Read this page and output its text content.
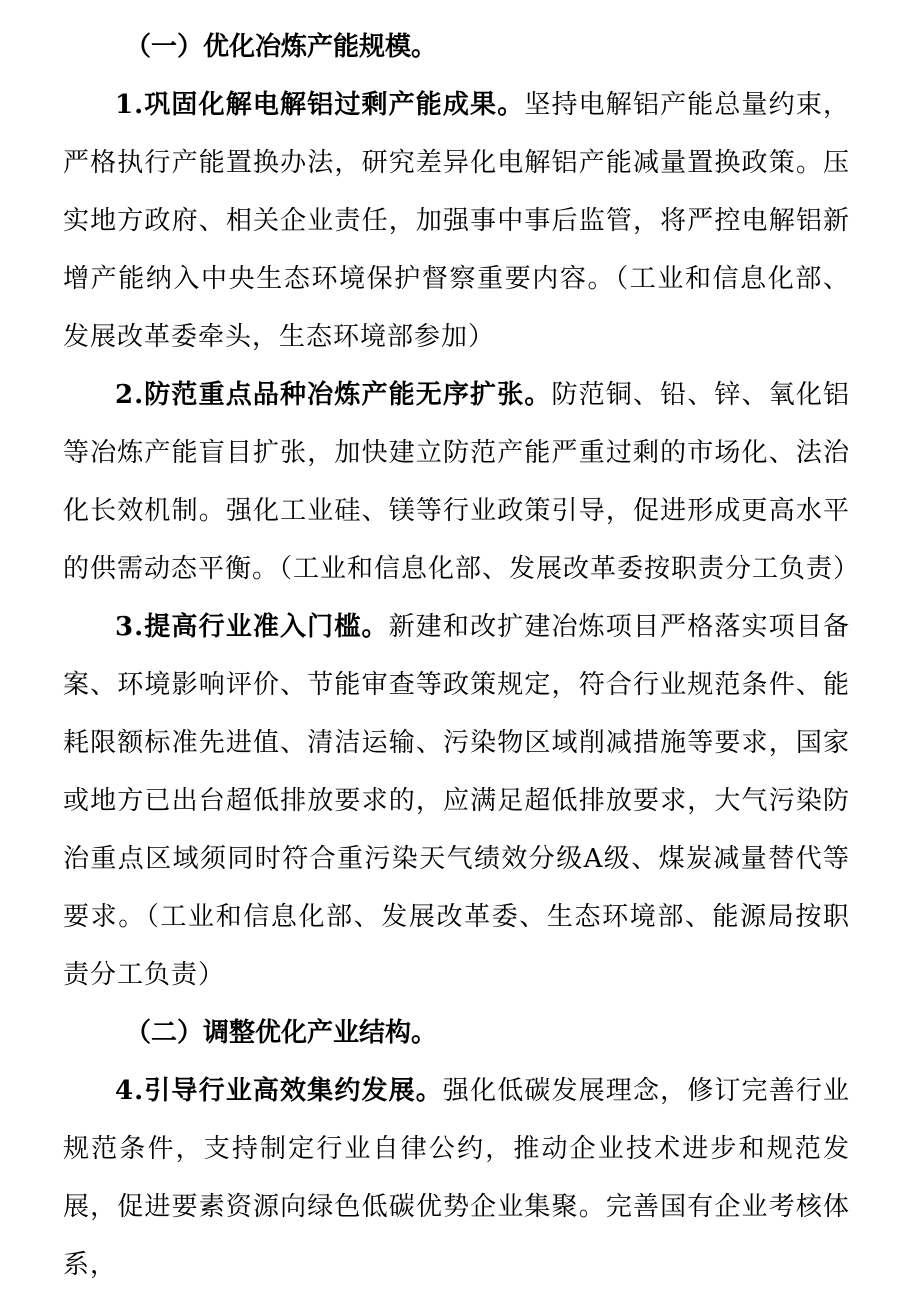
（一）优化冶炼产能规模。

1.巩固化解电解铝过剩产能成果。坚持电解铝产能总量约束，严格执行产能置换办法，研究差异化电解铝产能减量置换政策。压实地方政府、相关企业责任，加强事中事后监管，将严控电解铝新增产能纳入中央生态环境保护督察重要内容。（工业和信息化部、发展改革委牵头，生态环境部参加）

2.防范重点品种冶炼产能无序扩张。防范铜、铅、锌、氧化铝等冶炼产能盲目扩张，加快建立防范产能严重过剩的市场化、法治化长效机制。强化工业硅、镁等行业政策引导，促进形成更高水平的供需动态平衡。（工业和信息化部、发展改革委按职责分工负责）

3.提高行业准入门槛。新建和改扩建冶炼项目严格落实项目备案、环境影响评价、节能审查等政策规定，符合行业规范条件、能耗限额标准先进值、清洁运输、污染物区域削减措施等要求，国家或地方已出台超低排放要求的，应满足超低排放要求，大气污染防治重点区域须同时符合重污染天气绩效分级A级、煤炭减量替代等要求。（工业和信息化部、发展改革委、生态环境部、能源局按职责分工负责）

（二）调整优化产业结构。

4.引导行业高效集约发展。强化低碳发展理念，修订完善行业规范条件，支持制定行业自律公约，推动企业技术进步和规范发展，促进要素资源向绿色低碳优势企业集聚。完善国有企业考核体系，
